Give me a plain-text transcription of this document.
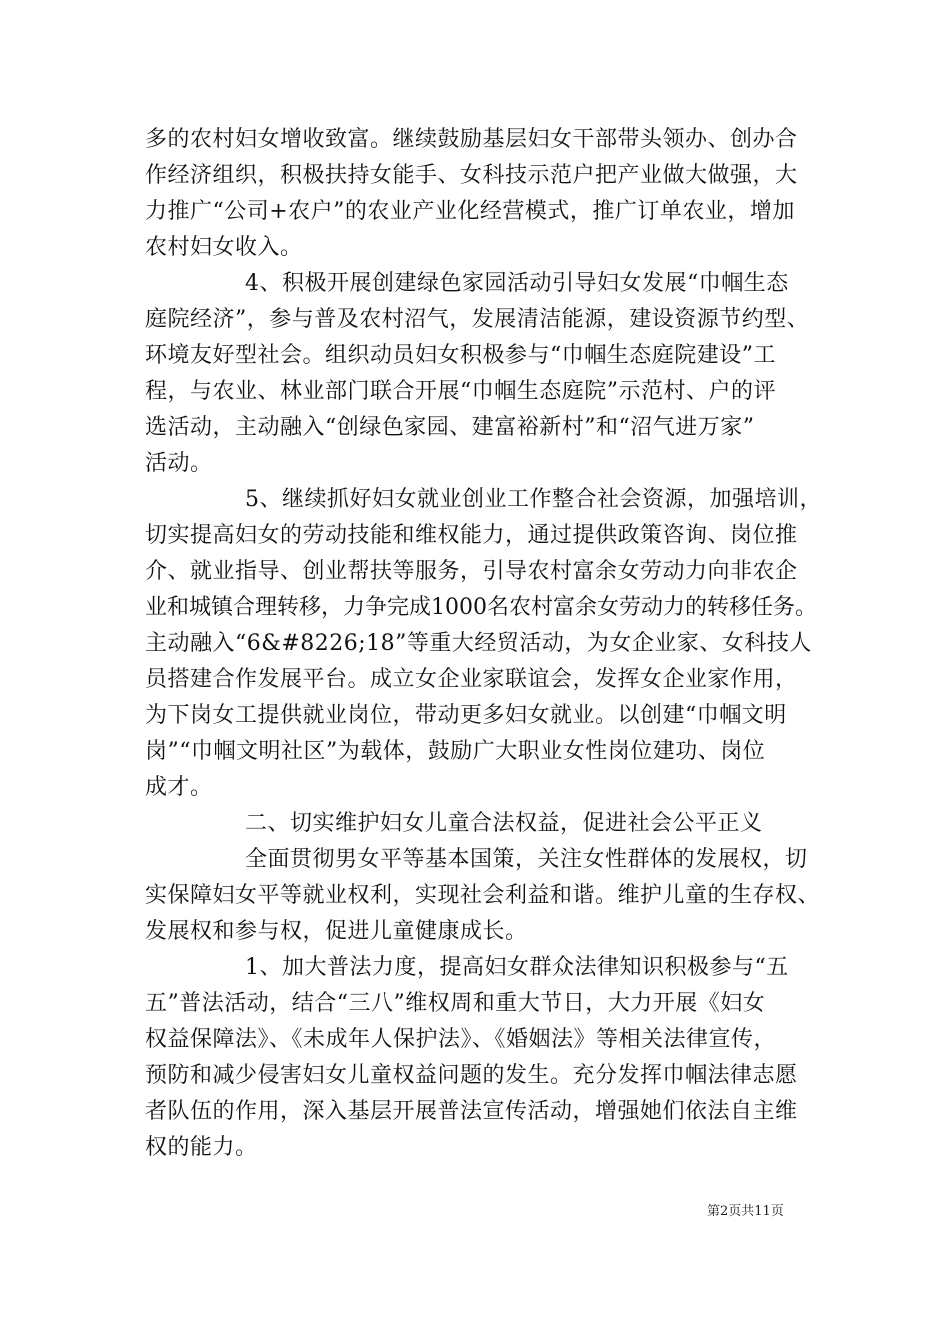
多的农村妇女增收致富。继续鼓励基层妇女干部带头领办、创办合
作经济组织，积极扶持女能手、女科技示范户把产业做大做强，大
力推广“公司+农户”的农业产业化经营模式，推广订单农业，增加
农村妇女收入。
4、积极开展创建绿色家园活动引导妇女发展“巾帼生态
庭院经济”，参与普及农村沼气，发展清洁能源，建设资源节约型、
环境友好型社会。组织动员妇女积极参与“巾帼生态庭院建设”工
程，与农业、林业部门联合开展“巾帼生态庭院”示范村、户的评
选活动，主动融入“创绿色家园、建富裕新村”和“沼气进万家”
活动。
5、继续抓好妇女就业创业工作整合社会资源，加强培训，
切实提高妇女的劳动技能和维权能力，通过提供政策咨询、岗位推
介、就业指导、创业帮扶等服务，引导农村富余女劳动力向非农企
业和城镇合理转移，力争完成1000名农村富余女劳动力的转移任务。
主动融入“6&#8226;18”等重大经贸活动，为女企业家、女科技人
员搭建合作发展平台。成立女企业家联谊会，发挥女企业家作用，
为下岗女工提供就业岗位，带动更多妇女就业。以创建“巾帼文明
岗”“巾帼文明社区”为载体，鼓励广大职业女性岗位建功、岗位
成才。
二、切实维护妇女儿童合法权益，促进社会公平正义
全面贯彻男女平等基本国策，关注女性群体的发展权，切
实保障妇女平等就业权利，实现社会利益和谐。维护儿童的生存权、
发展权和参与权，促进儿童健康成长。
1、加大普法力度，提高妇女群众法律知识积极参与“五
五”普法活动，结合“三八”维权周和重大节日，大力开展《妇女
权益保障法》、《未成年人保护法》、《婚姻法》等相关法律宣传，
预防和减少侵害妇女儿童权益问题的发生。充分发挥巾帼法律志愿
者队伍的作用，深入基层开展普法宣传活动，增强她们依法自主维
权的能力。
第2页共11页
